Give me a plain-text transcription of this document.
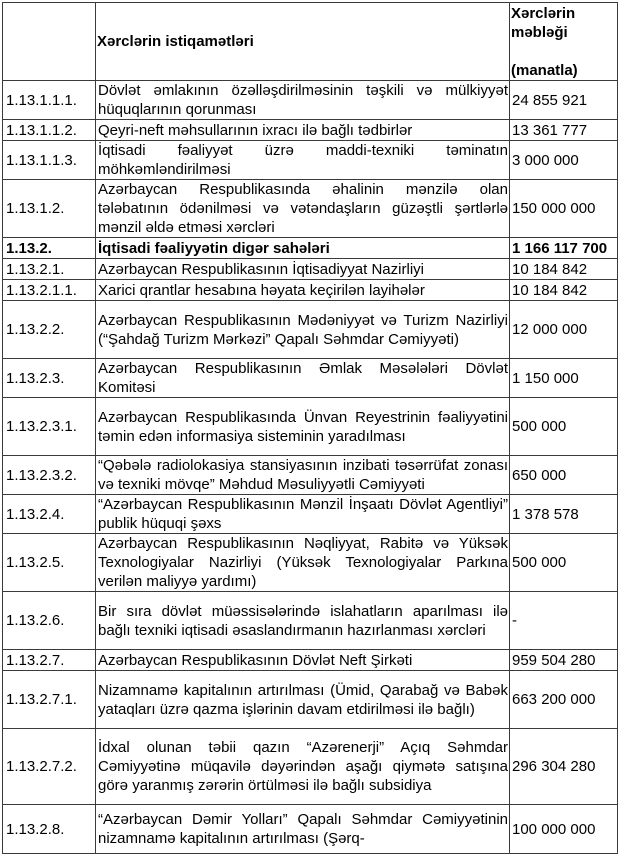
	Xərclərin istiqamətləri	Xərclərin məbləği
(manatla)

1.13.1.1.1.	Dövlət əmlakının özəlləşdirilməsinin təşkili və mülkiyyət hüquqlarının qorunması	24 855 921
1.13.1.1.2.	Qeyri-neft məhsullarının ixracı ilə bağlı tədbirlər	13 361 777
1.13.1.1.3.	İqtisadi fəaliyyət üzrə maddi-texniki təminatın möhkəmləndirilməsi	3 000 000
1.13.1.2.	Azərbaycan Respublikasında əhalinin mənzilə olan tələbatının ödənilməsi və vətəndaşların güzəştli şərtlərlə mənzil əldə etməsi xərcləri	150 000 000
1.13.2.	İqtisadi fəaliyyətin digər sahələri	1 166 117 700
1.13.2.1.	Azərbaycan Respublikasının İqtisadiyyat Nazirliyi	10 184 842
1.13.2.1.1.	Xarici qrantlar hesabına həyata keçirilən layihələr	10 184 842
1.13.2.2.	Azərbaycan Respublikasının Mədəniyyət və Turizm Nazirliyi (“Şahdağ Turizm Mərkəzi” Qapalı Səhmdar Cəmiyyəti)	12 000 000
1.13.2.3.	Azərbaycan Respublikasının Əmlak Məsələləri Dövlət Komitəsi	1 150 000
1.13.2.3.1.	Azərbaycan Respublikasında Ünvan Reyestrinin fəaliyyətini təmin edən informasiya sisteminin yaradılması	500 000
1.13.2.3.2.	“Qəbələ radiolokasiya stansiyasının inzibati təsərrüfat zonası və texniki mövqe” Məhdud Məsuliyyətli Cəmiyyəti	650 000
1.13.2.4.	“Azərbaycan Respublikasının Mənzil İnşaatı Dövlət Agentliyi” publik hüquqi şəxs	1 378 578
1.13.2.5.	Azərbaycan Respublikasının Nəqliyyat, Rabitə və Yüksək Texnologiyalar Nazirliyi (Yüksək Texnologiyalar Parkına verilən maliyyə yardımı)	500 000
1.13.2.6.	Bir sıra dövlət müəssisələrində islahatların aparılması ilə bağlı texniki iqtisadi əsaslandırmanın hazırlanması xərcləri	-
1.13.2.7.	Azərbaycan Respublikasının Dövlət Neft Şirkəti	959 504 280
1.13.2.7.1.	Nizamnamə kapitalının artırılması (Ümid, Qarabağ və Babək yataqları üzrə qazma işlərinin davam etdirilməsi ilə bağlı)	663 200 000
1.13.2.7.2.	İdxal olunan təbii qazın “Azərenerji” Açıq Səhmdar Cəmiyyətinə müqavilə dəyərindən aşağı qiymətə satışına görə yaranmış zərərin örtülməsi ilə bağlı subsidiya	296 304 280
1.13.2.8.	“Azərbaycan Dəmir Yolları” Qapalı Səhmdar Cəmiyyətinin nizamnamə kapitalının artırılması (Şərq-	100 000 000
